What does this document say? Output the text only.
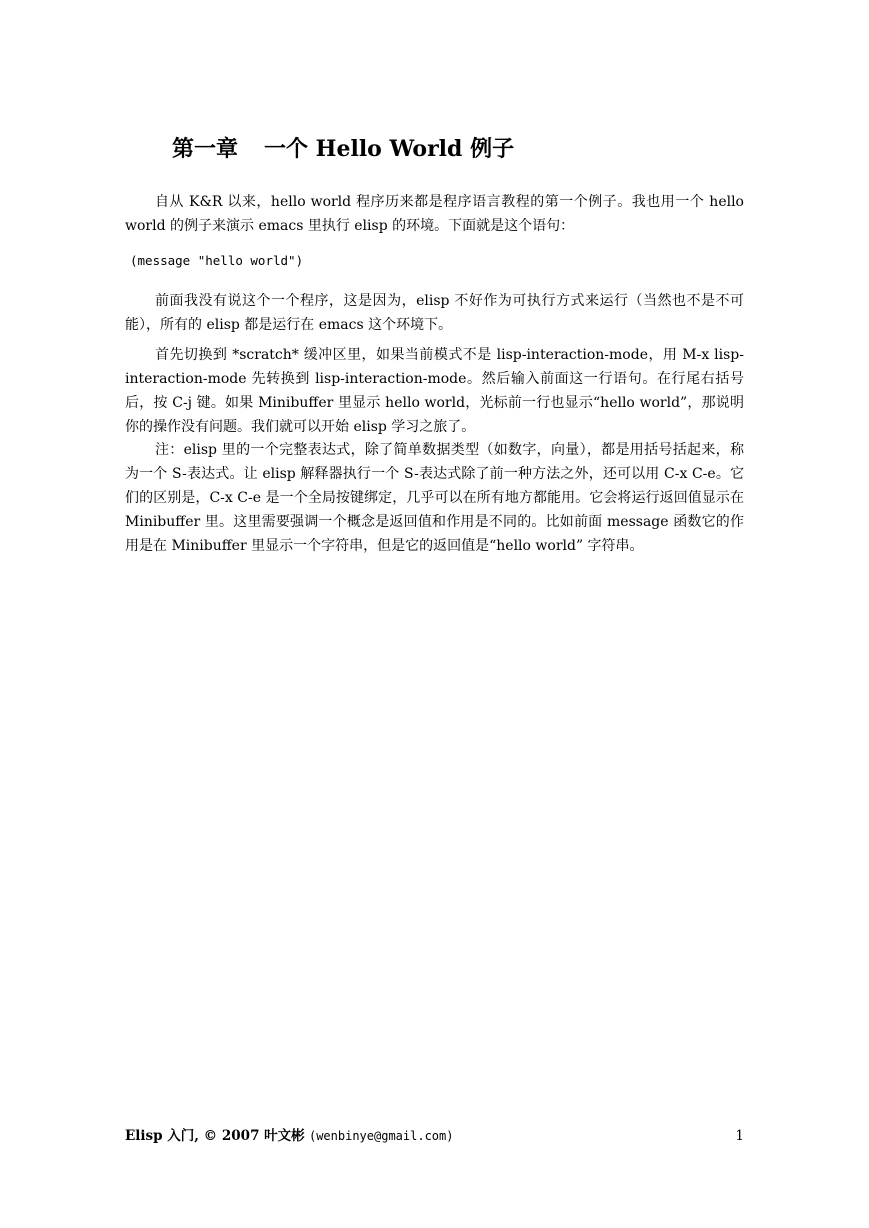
第一章 一个 Hello World 例子

自从 K&R 以来，hello world 程序历来都是程序语言教程的第一个例子。我也用一个 hello world 的例子来演示 emacs 里执行 elisp 的环境。下面就是这个语句：

(message "hello world")

前面我没有说这个一个程序，这是因为，elisp 不好作为可执行方式来运行（当然也不是不可能），所有的 elisp 都是运行在 emacs 这个环境下。

首先切换到 *scratch* 缓冲区里，如果当前模式不是 lisp-interaction-mode，用 M-x lisp-interaction-mode 先转换到 lisp-interaction-mode。然后输入前面这一行语句。在行尾右括号后，按 C-j 键。如果 Minibuffer 里显示 hello world，光标前一行也显示“hello world”，那说明你的操作没有问题。我们就可以开始 elisp 学习之旅了。

注：elisp 里的一个完整表达式，除了简单数据类型（如数字，向量），都是用括号括起来，称为一个 S-表达式。让 elisp 解释器执行一个 S-表达式除了前一种方法之外，还可以用 C-x C-e。它们的区别是，C-x C-e 是一个全局按键绑定，几乎可以在所有地方都能用。它会将运行返回值显示在 Minibuffer 里。这里需要强调一个概念是返回值和作用是不同的。比如前面 message 函数它的作用是在 Minibuffer 里显示一个字符串，但是它的返回值是“hello world” 字符串。

Elisp 入门, © 2007 叶文彬 (wenbinye@gmail.com)	1
